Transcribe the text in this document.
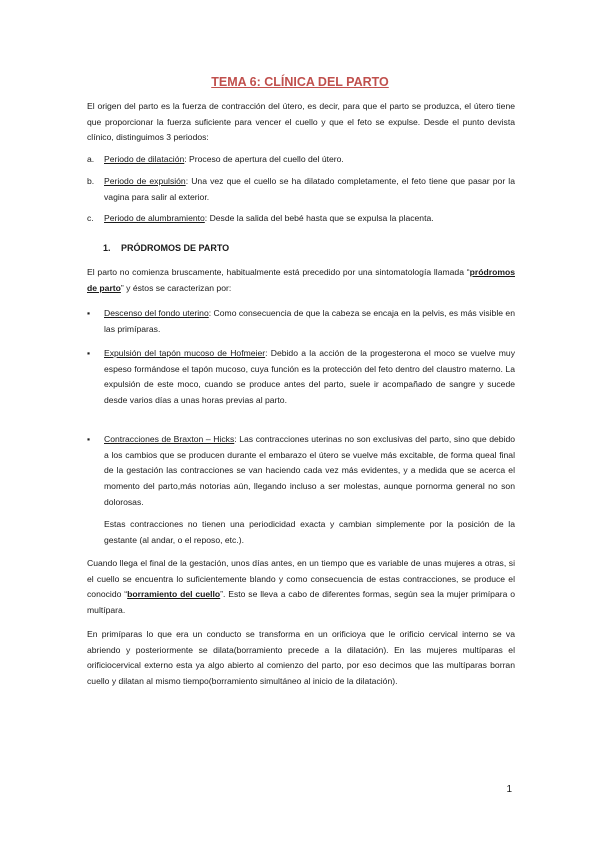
TEMA 6: CLÍNICA DEL PARTO

El origen del parto es la fuerza de contracción del útero, es decir, para que el parto se produzca, el útero tiene que proporcionar la fuerza suficiente para vencer el cuello y que el feto se expulse. Desde el punto devista clínico, distinguimos 3 periodos:

a. Periodo de dilatación: Proceso de apertura del cuello del útero.
b. Periodo de expulsión: Una vez que el cuello se ha dilatado completamente, el feto tiene que pasar por la vagina para salir al exterior.
c. Periodo de alumbramiento: Desde la salida del bebé hasta que se expulsa la placenta.
1. PRÓDROMOS DE PARTO

El parto no comienza bruscamente, habitualmente está precedido por una sintomatología llamada “pródromos de parto” y éstos se caracterizan por:

▪ Descenso del fondo uterino: Como consecuencia de que la cabeza se encaja en la pelvis, es más visible en las primíparas.
▪ Expulsión del tapón mucoso de Hofmeier: Debido a la acción de la progesterona el moco se vuelve muy espeso formándose el tapón mucoso, cuya función es la protección del feto dentro del claustro materno. La expulsión de este moco, cuando se produce antes del parto, suele ir acompañado de sangre y sucede desde varios días a unas horas previas al parto.
▪ Contracciones de Braxton – Hicks: Las contracciones uterinas no son exclusivas del parto, sino que debido a los cambios que se producen durante el embarazo el útero se vuelve más excitable, de forma queal final de la gestación las contracciones se van haciendo cada vez más evidentes, y a medida que se acerca el momento del parto,más notorias aún, llegando incluso a ser molestas, aunque pornorma general no son dolorosas.

Estas contracciones no tienen una periodicidad exacta y cambian simplemente por la posición de la gestante (al andar, o el reposo, etc.).

Cuando llega el final de la gestación, unos días antes, en un tiempo que es variable de unas mujeres a otras, si el cuello se encuentra lo suficientemente blando y como consecuencia de estas contracciones, se produce el conocido “borramiento del cuello”. Esto se lleva a cabo de diferentes formas, según sea la mujer primípara o multípara.

En primíparas lo que era un conducto se transforma en un orificioya que le orificio cervical interno se va abriendo y posteriormente se dilata(borramiento precede a la dilatación). En las mujeres multíparas el orificiocervical externo esta ya algo abierto al comienzo del parto, por eso decimos que las multíparas borran cuello y dilatan al mismo tiempo(borramiento simultáneo al inicio de la dilatación).

1
